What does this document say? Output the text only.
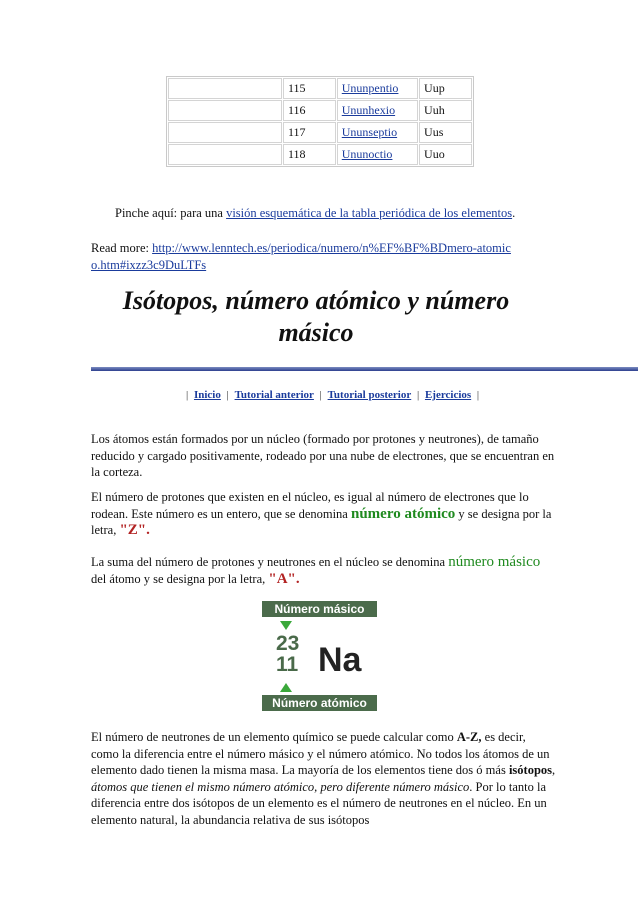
	115	Ununpentio	Uup
	116	Ununhexio	Uuh
	117	Ununseptio	Uus
	118	Ununoctio	Uuo
Pinche aquí: para una visión esquemática de la tabla periódica de los elementos.
Read more: http://www.lenntech.es/periodica/numero/n%EF%BF%BDmero-atomico.htm#ixzz3c9DuLTFs
Isótopos, número atómico y número másico
| Inicio | Tutorial anterior | Tutorial posterior | Ejercicios |
Los átomos están formados por un núcleo (formado por protones y neutrones), de tamaño reducido y cargado positivamente, rodeado por una nube de electrones, que se encuentran en la corteza.
El número de protones que existen en el núcleo, es igual al número de electrones que lo rodean. Este número es un entero, que se denomina número atómico y se designa por la letra, "Z".
La suma del número de protones y neutrones en el núcleo se denomina número másico del átomo y se designa por la letra, "A".
Número másico
23
11 Na
Número atómico
El número de neutrones de un elemento químico se puede calcular como A-Z, es decir, como la diferencia entre el número másico y el número atómico. No todos los átomos de un elemento dado tienen la misma masa. La mayoría de los elementos tiene dos ó más isótopos, átomos que tienen el mismo número atómico, pero diferente número másico. Por lo tanto la diferencia entre dos isótopos de un elemento es el número de neutrones en el núcleo. En un elemento natural, la abundancia relativa de sus isótopos
